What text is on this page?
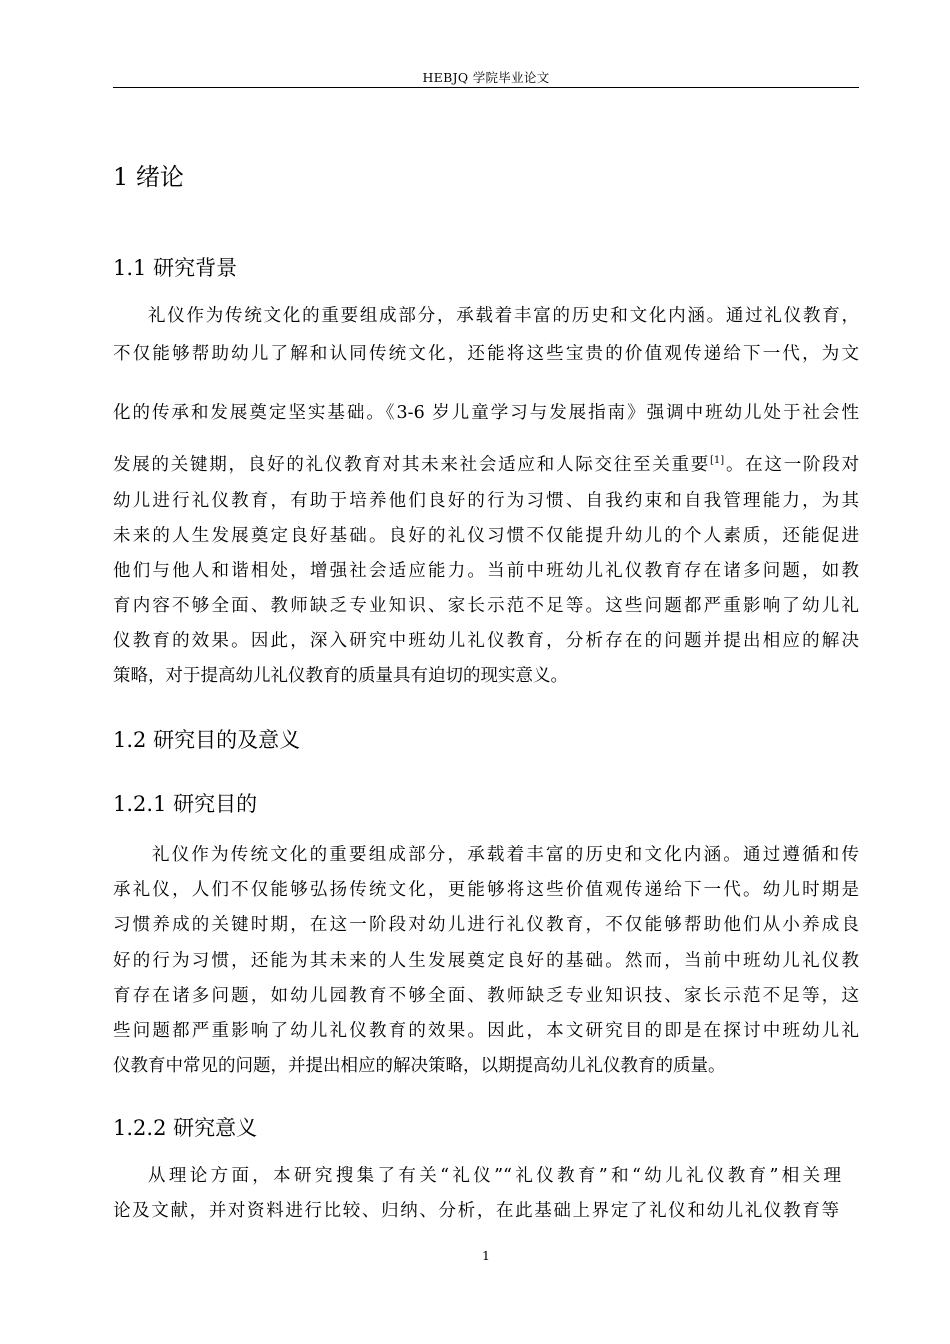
HEBJQ 学院毕业论文
1 绪论
1.1 研究背景
礼仪作为传统文化的重要组成部分，承载着丰富的历史和文化内涵。通过礼仪教育，
不仅能够帮助幼儿了解和认同传统文化，还能将这些宝贵的价值观传递给下一代，为文
化的传承和发展奠定坚实基础。《3-6 岁儿童学习与发展指南》强调中班幼儿处于社会性
发展的关键期，良好的礼仪教育对其未来社会适应和人际交往至关重要[1]。在这一阶段对
幼儿进行礼仪教育，有助于培养他们良好的行为习惯、自我约束和自我管理能力，为其
未来的人生发展奠定良好基础。良好的礼仪习惯不仅能提升幼儿的个人素质，还能促进
他们与他人和谐相处，增强社会适应能力。当前中班幼儿礼仪教育存在诸多问题，如教
育内容不够全面、教师缺乏专业知识、家长示范不足等。这些问题都严重影响了幼儿礼
仪教育的效果。因此，深入研究中班幼儿礼仪教育，分析存在的问题并提出相应的解决
策略，对于提高幼儿礼仪教育的质量具有迫切的现实意义。
1.2 研究目的及意义
1.2.1 研究目的
礼仪作为传统文化的重要组成部分，承载着丰富的历史和文化内涵。通过遵循和传
承礼仪，人们不仅能够弘扬传统文化，更能够将这些价值观传递给下一代。幼儿时期是
习惯养成的关键时期，在这一阶段对幼儿进行礼仪教育，不仅能够帮助他们从小养成良
好的行为习惯，还能为其未来的人生发展奠定良好的基础。然而，当前中班幼儿礼仪教
育存在诸多问题，如幼儿园教育不够全面、教师缺乏专业知识技、家长示范不足等，这
些问题都严重影响了幼儿礼仪教育的效果。因此，本文研究目的即是在探讨中班幼儿礼
仪教育中常见的问题，并提出相应的解决策略，以期提高幼儿礼仪教育的质量。
1.2.2 研究意义
从理论方面，本研究搜集了有关“礼仪”“礼仪教育”和“幼儿礼仪教育”相关理
论及文献，并对资料进行比较、归纳、分析，在此基础上界定了礼仪和幼儿礼仪教育等
1
